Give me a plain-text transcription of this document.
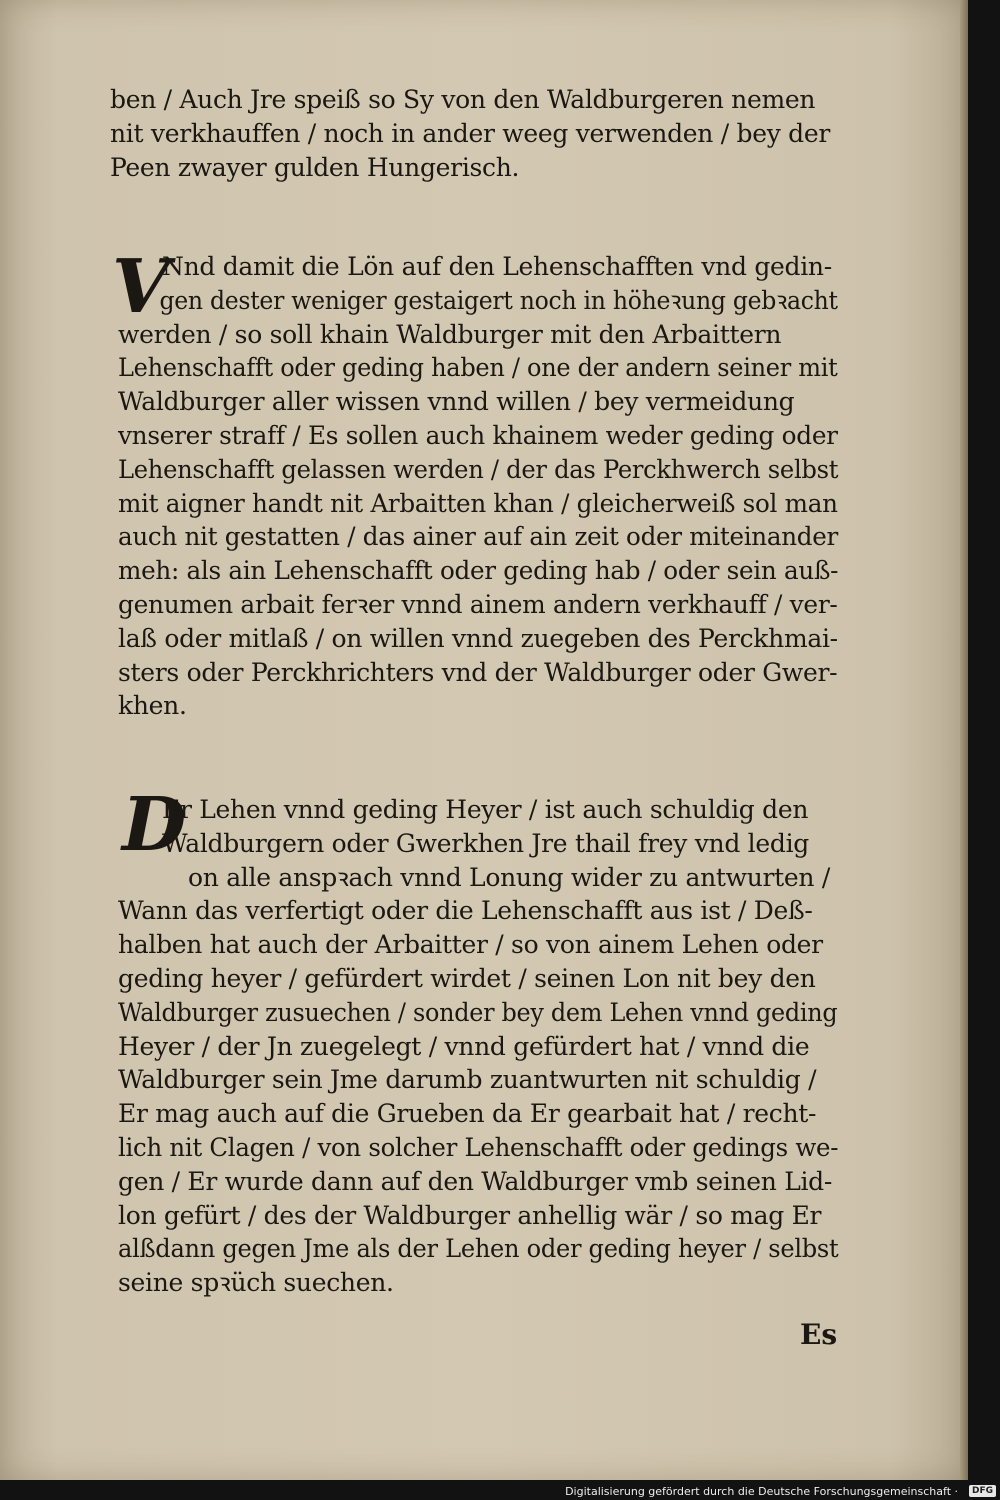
ben / Auch Jre speiß so Sy von den Waldburgeren nemen
nit verkhauffen / noch in ander weeg verwenden / bey der
Peen zwayer gulden Hungerisch.
V
Nnd damit die Lön auf den Lehenschafften vnd gedin-
gen dester weniger gestaigert noch in höheꝛung gebꝛacht
werden / so soll khain Waldburger mit den Arbaittern
Lehenschafft oder geding haben / one der andern seiner mit
Waldburger aller wissen vnnd willen / bey vermeidung
vnserer straff / Es sollen auch khainem weder geding oder
Lehenschafft gelassen werden / der das Perckhwerch selbst
mit aigner handt nit Arbaitten khan / gleicherweiß sol man
auch nit gestatten / das ainer auf ain zeit oder miteinander
meh: als ain Lehenschafft oder geding hab / oder sein auß-
genumen arbait ferꝛer vnnd ainem andern verkhauff / ver-
laß oder mitlaß / on willen vnnd zuegeben des Perckhmai-
sters oder Perckhrichters vnd der Waldburger oder Gwer-
khen.
D
Er Lehen vnnd geding Heyer / ist auch schuldig den
Waldburgern oder Gwerkhen Jre thail frey vnd ledig
on alle anspꝛach vnnd Lonung wider zu antwurten /
Wann das verfertigt oder die Lehenschafft aus ist / Deß-
halben hat auch der Arbaitter / so von ainem Lehen oder
geding heyer / gefürdert wirdet / seinen Lon nit bey den
Waldburger zusuechen / sonder bey dem Lehen vnnd geding
Heyer / der Jn zuegelegt / vnnd gefürdert hat / vnnd die
Waldburger sein Jme darumb zuantwurten nit schuldig /
Er mag auch auf die Grueben da Er gearbait hat / recht-
lich nit Clagen / von solcher Lehenschafft oder gedings we-
gen / Er wurde dann auf den Waldburger vmb seinen Lid-
lon gefürt / des der Waldburger anhellig wär / so mag Er
alßdann gegen Jme als der Lehen oder geding heyer / selbst
seine spꝛüch suechen.
Es
Digitalisierung gefördert durch die Deutsche Forschungsgemeinschaft ·	DFG
